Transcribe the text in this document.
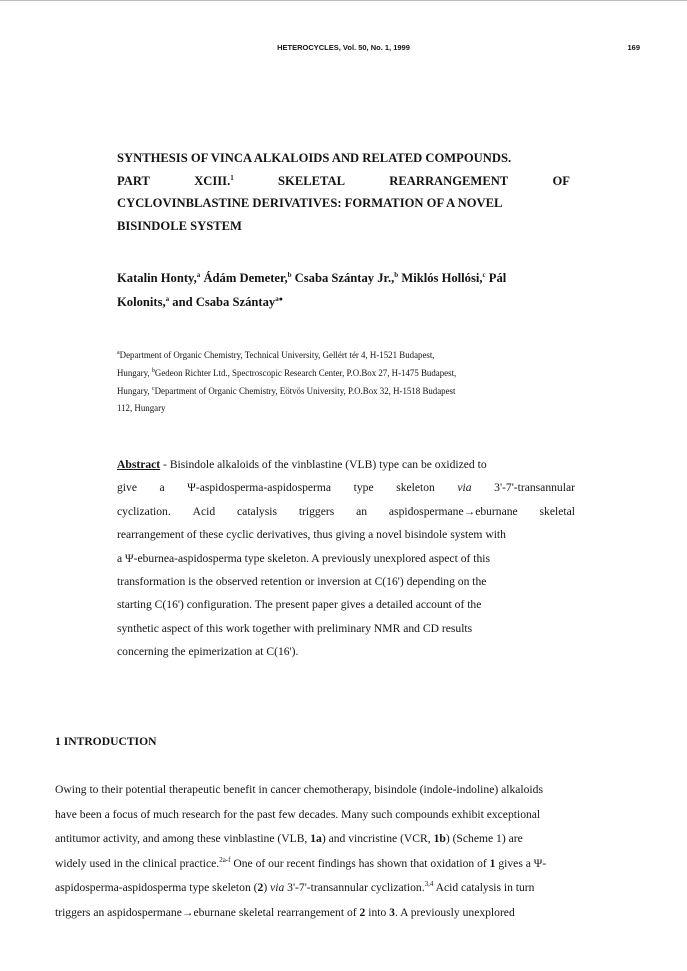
HETEROCYCLES, Vol. 50, No. 1, 1999	169
SYNTHESIS OF VINCA ALKALOIDS AND RELATED COMPOUNDS.
PART	XCIII.$^1$	SKELETAL	REARRANGEMENT	OF
CYCLOVINBLASTINE DERIVATIVES: FORMATION OF A NOVEL
BISINDOLE SYSTEM
Katalin Honty,$^a$ Ádám Demeter,$^b$ Csaba Szántay Jr.,$^b$ Miklós Hollósi,$^c$ Pál
Kolonits,$^a$ and Csaba Szántay$^{a●}$
$^a$Department of Organic Chemistry, Technical University, Gellért tér 4, H-1521 Budapest,
Hungary, $^b$Gedeon Richter Ltd., Spectroscopic Research Center, P.O.Box 27, H-1475 Budapest,
Hungary, $^c$Department of Organic Chemistry, Eötvös University, P.O.Box 32, H-1518 Budapest
112, Hungary
Abstract - Bisindole alkaloids of the vinblastine (VLB) type can be oxidized to
give a Ψ-aspidosperma-aspidosperma type skeleton via 3'-7'-transannular
cyclization. Acid catalysis triggers an aspidospermane→eburnane skeletal
rearrangement of these cyclic derivatives, thus giving a novel bisindole system with
a Ψ-eburnea-aspidosperma type skeleton. A previously unexplored aspect of this
transformation is the observed retention or inversion at C(16') depending on the
starting C(16') configuration. The present paper gives a detailed account of the
synthetic aspect of this work together with preliminary NMR and CD results
concerning the epimerization at C(16').
1 INTRODUCTION
Owing to their potential therapeutic benefit in cancer chemotherapy, bisindole (indole-indoline) alkaloids
have been a focus of much research for the past few decades. Many such compounds exhibit exceptional
antitumor activity, and among these vinblastine (VLB, 1a) and vincristine (VCR, 1b) (Scheme 1) are
widely used in the clinical practice.$^{2a-f}$ One of our recent findings has shown that oxidation of 1 gives a Ψ-
aspidosperma-aspidosperma type skeleton (2) via 3'-7'-transannular cyclization.$^{3,4}$ Acid catalysis in turn
triggers an aspidospermane→eburnane skeletal rearrangement of 2 into 3. A previously unexplored
